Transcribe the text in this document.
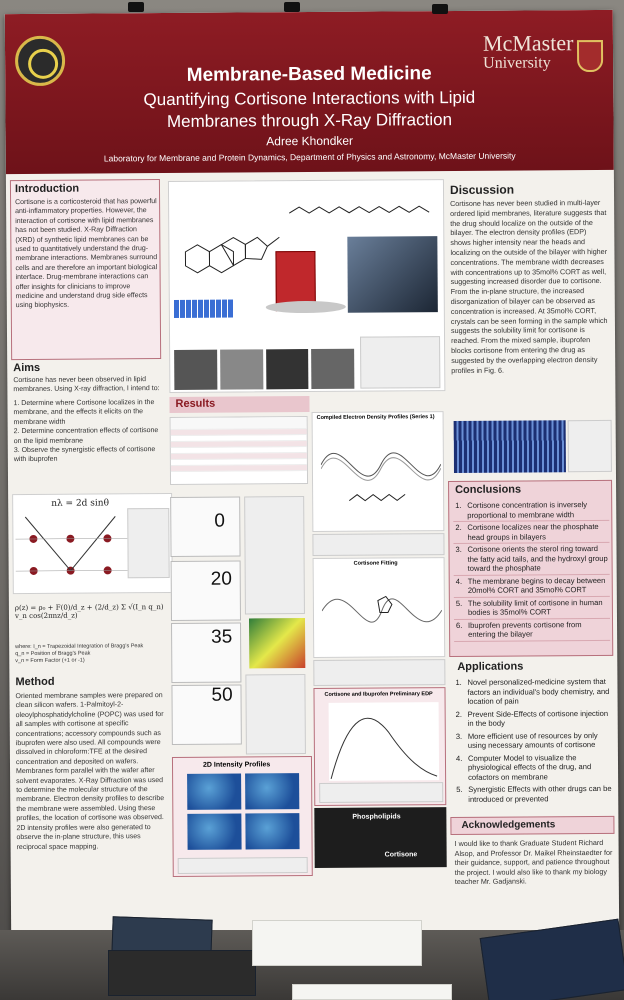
McMaster
University
Membrane-Based Medicine
Quantifying Cortisone Interactions with Lipid
Membranes through X-Ray Diffraction
Adree Khondker
Laboratory for Membrane and Protein Dynamics, Department of Physics and Astronomy, McMaster University
Introduction
Cortisone is a corticosteroid that has powerful anti-inflammatory properties. However, the interaction of cortisone with lipid membranes has not been studied. X-Ray Diffraction (XRD) of synthetic lipid membranes can be used to quantitatively understand the drug-membrane interactions. Membranes surround cells and are therefore an important biological interface. Drug-membrane interactions can offer insights for clinicians to improve medicine and understand drug side effects using biophysics.
Aims
Cortisone has never been observed in lipid membranes. Using X-ray diffraction, I intend to:
1. Determine where Cortisone localizes in the membrane, and the effects it elicits on the membrane width
2. Determine concentration effects of cortisone on the lipid membrane
3. Observe the synergistic effects of cortisone with ibuprofen
nλ = 2d sinθ
ρ(z) = ρ₀ + F(0)/d_z + (2/d_z) Σ √(I_n q_n) v_n cos(2πnz/d_z)
where: I_n = Trapezoidal Integration of Bragg's Peak
q_n = Position of Bragg's Peak
v_n = Form Factor (+1 or -1)
Method
Oriented membrane samples were prepared on clean silicon wafers. 1-Palmitoyl-2-oleoylphosphatidylcholine (POPC) was used for all samples with cortisone at specific concentrations; accessory compounds such as ibuprofen were also used. All compounds were dissolved in chloroform:TFE at the desired concentration and deposited on wafers. Membranes form parallel with the wafer after solvent evaporates. X-Ray Diffraction was used to determine the molecular structure of the membrane. Electron density profiles to describe the membrane were assembled. Using these profiles, the location of cortisone was observed. 2D intensity profiles were also generated to observe the in-plane structure, this uses reciprocal space mapping.
Results
0
20
35
50
2D Intensity Profiles
Compiled Electron Density Profiles (Series 1)
Cortisone Fitting
Cortisone and Ibuprofen Preliminary EDP
Phospholipids
Cortisone
Discussion
Cortisone has never been studied in multi-layer ordered lipid membranes, literature suggests that the drug should localize on the outside of the bilayer. The electron density profiles (EDP) shows higher intensity near the heads and localizing on the outside of the bilayer with higher concentrations. The membrane width decreases with concentrations up to 35mol% CORT as well, suggesting increased disorder due to cortisone. From the in-plane structure, the increased disorganization of bilayer can be observed as concentration is increased. At 35mol% CORT, crystals can be seen forming in the sample which suggests the solubility limit for cortisone is reached. From the mixed sample, ibuprofen blocks cortisone from entering the drug as suggested by the overlapping electron density profiles in Fig. 6.
Conclusions
1. Cortisone concentration is inversely proportional to membrane width
2. Cortisone localizes near the phosphate head groups in bilayers
3. Cortisone orients the sterol ring toward the fatty acid tails, and the hydroxyl group toward the phosphate
4. The membrane begins to decay between 20mol% CORT and 35mol% CORT
5. The solubility limit of cortisone in human bodies is 35mol% CORT
6. Ibuprofen prevents cortisone from entering the bilayer
Applications
1. Novel personalized-medicine system that factors an individual's body chemistry, and location of pain
2. Prevent Side-Effects of cortisone injection in the body
3. More efficient use of resources by only using necessary amounts of cortisone
4. Computer Model to visualize the physiological effects of the drug, and cofactors on membrane
5. Synergistic Effects with other drugs can be introduced or prevented
Acknowledgements
I would like to thank Graduate Student Richard Alsop, and Professor Dr. Maikel Rheinstaedter for their guidance, support, and patience throughout the project. I would also like to thank my biology teacher Mr. Gadjanski.
